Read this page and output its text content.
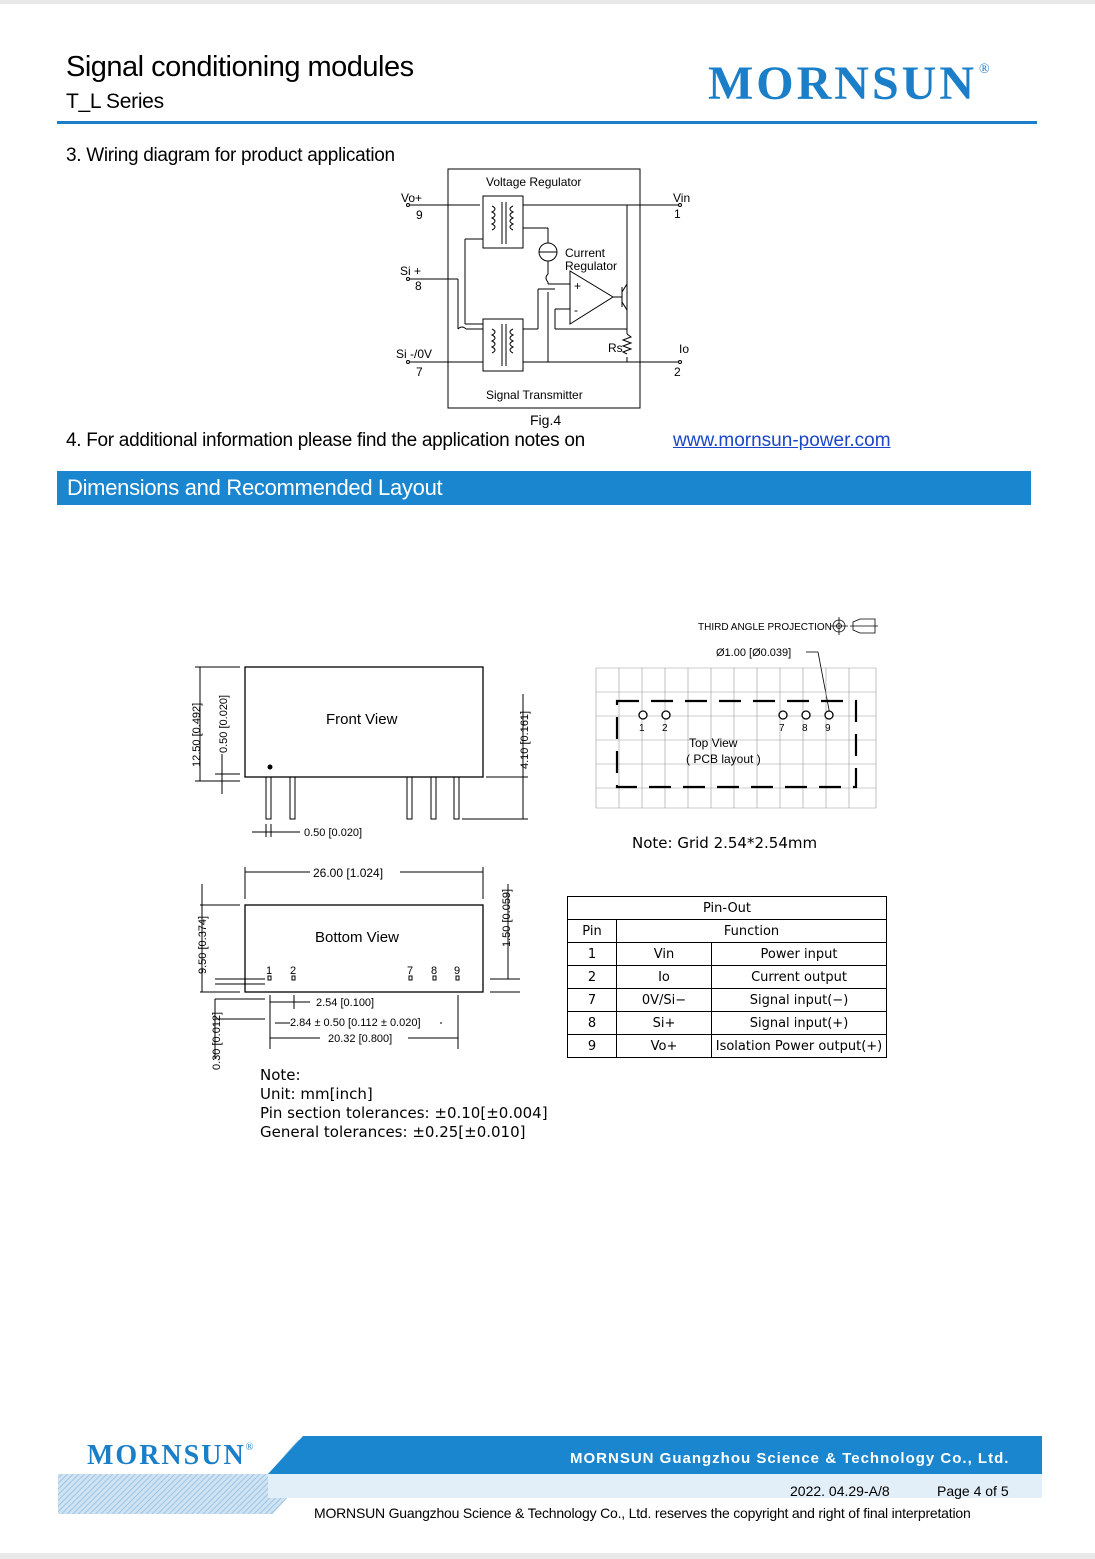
Signal conditioning modules
T_L Series	MORNSUN ®
3. Wiring diagram for product application
Voltage Regulator
Current
Regulator
Signal Transmitter
+
-
Rs
Vo+
9
Si +
8
Si -/0V
7
Vin
1
Io
2
Fig.4
4. For additional information please find the application notes on	www.mornsun-power.com
Dimensions and Recommended Layout
Front View
12.50 [0.492] 0.50 [0.020]	4.10 [0.161]
0.50 [0.020]
Bottom View
26.00 [1.024]
9.50 [0.374]
0.30 [0.012]
1.50 [0.059]
2.54 [0.100]
2.84 ± 0.50 [0.112 ± 0.020]
20.32 [0.800]
1 2	7 8 9
THIRD ANGLE PROJECTION
Ø1.00 [Ø0.039]
1 2	7 8 9
Top View
( PCB layout )
Note: Grid 2.54*2.54mm
Pin-Out		
Pin	Function	
1	Vin	Power input
2	Io	Current output
7	0V/Si−	Signal input(−)
8	Si+	Signal input(+)
9	Vo+	Isolation Power output(+)
Note:
Unit: mm[inch]
Pin section tolerances: ±0.10[±0.004]
General tolerances: ±0.25[±0.010]
MORNSUN®
MORNSUN Guangzhou Science & Technology Co., Ltd.
2022. 04.29-A/8	Page 4 of 5
MORNSUN Guangzhou Science & Technology Co., Ltd. reserves the copyright and right of final interpretation
